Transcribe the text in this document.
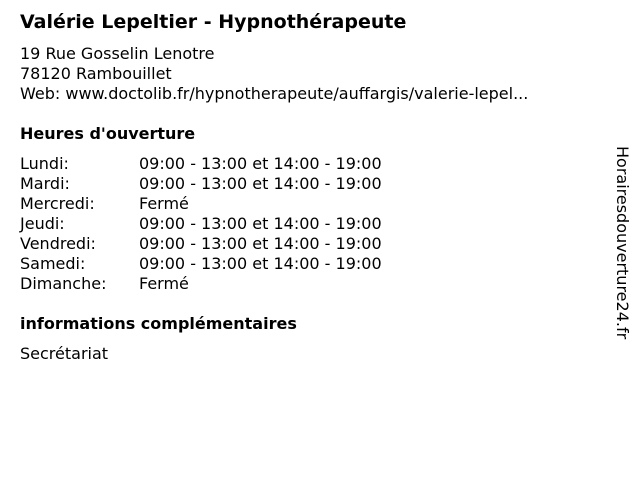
Valérie Lepeltier - Hypnothérapeute
19 Rue Gosselin Lenotre
78120 Rambouillet
Web: www.doctolib.fr/hypnotherapeute/auffargis/valerie-lepel...
Heures d'ouverture
Lundi:	09:00 - 13:00 et 14:00 - 19:00
Mardi:	09:00 - 13:00 et 14:00 - 19:00
Mercredi:	Fermé
Jeudi:	09:00 - 13:00 et 14:00 - 19:00
Vendredi:	09:00 - 13:00 et 14:00 - 19:00
Samedi:	09:00 - 13:00 et 14:00 - 19:00
Dimanche:	Fermé
informations complémentaires
Secrétariat
Horairesdouverture24.fr
